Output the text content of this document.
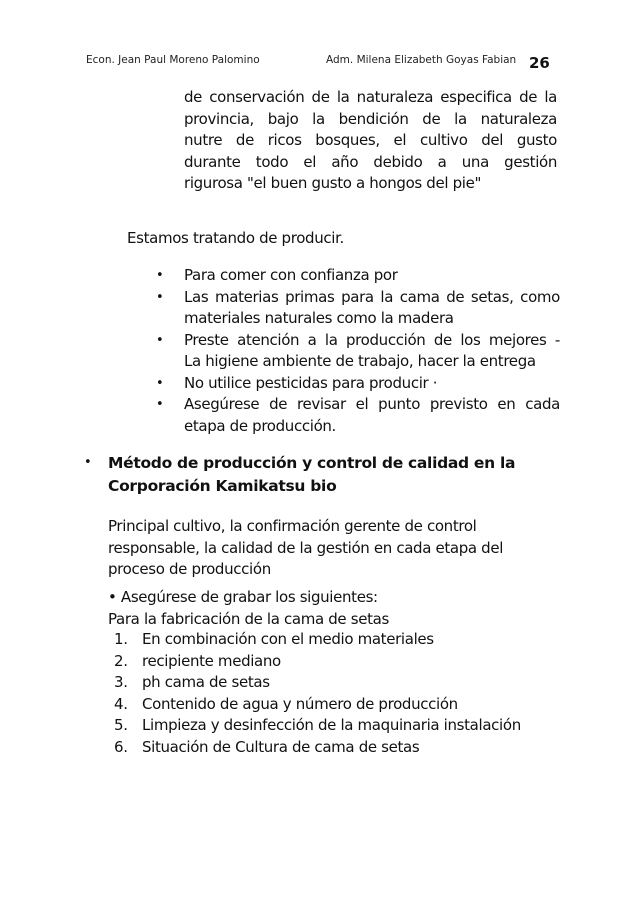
Econ. Jean Paul Moreno Palomino	Adm. Milena Elizabeth Goyas Fabian 26
de conservación de la naturaleza especifica de la
provincia, bajo la bendición de la naturaleza
nutre de ricos bosques, el cultivo del gusto
durante todo el año debido a una gestión
rigurosa "el buen gusto a hongos del pie"
Estamos tratando de producir.
• Para comer con confianza por
• Las materias primas para la cama de setas, como
materiales naturales como la madera
• Preste atención a la producción de los mejores -
La higiene ambiente de trabajo, hacer la entrega
• No utilice pesticidas para producir ·
• Asegúrese de revisar el punto previsto en cada
etapa de producción.
• Método de producción y control de calidad en la
Corporación Kamikatsu bio
Principal cultivo, la confirmación gerente de control
responsable, la calidad de la gestión en cada etapa del
proceso de producción
• Asegúrese de grabar los siguientes:
Para la fabricación de la cama de setas
1. En combinación con el medio materiales
2. recipiente mediano
3. ph cama de setas
4. Contenido de agua y número de producción
5. Limpieza y desinfección de la maquinaria instalación
6. Situación de Cultura de cama de setas
